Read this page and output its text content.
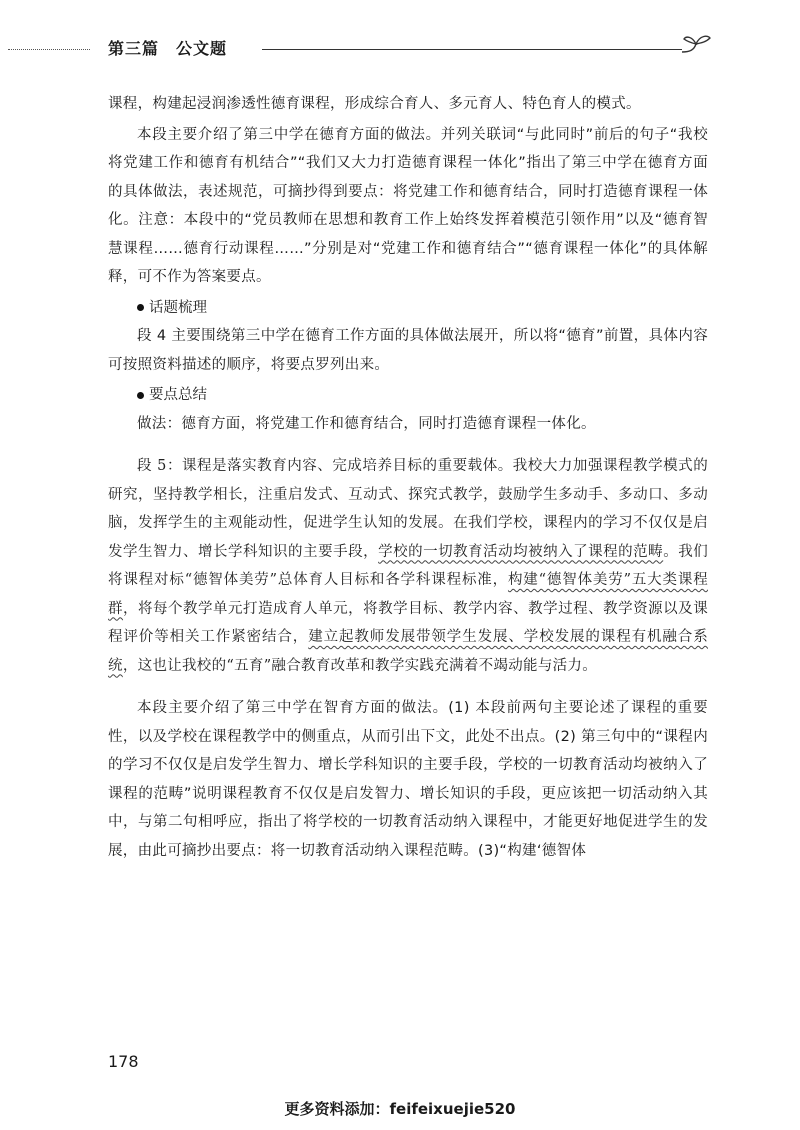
第三篇　公文题

课程，构建起浸润渗透性德育课程，形成综合育人、多元育人、特色育人的模式。

本段主要介绍了第三中学在德育方面的做法。并列关联词“与此同时”前后的句子“我校将党建工作和德育有机结合”“我们又大力打造德育课程一体化”指出了第三中学在德育方面的具体做法，表述规范，可摘抄得到要点：将党建工作和德育结合，同时打造德育课程一体化。注意：本段中的“党员教师在思想和教育工作上始终发挥着模范引领作用”以及“德育智慧课程……德育行动课程……”分别是对“党建工作和德育结合”“德育课程一体化”的具体解释，可不作为答案要点。

话题梳理

段 4 主要围绕第三中学在德育工作方面的具体做法展开，所以将“德育”前置，具体内容可按照资料描述的顺序，将要点罗列出来。

要点总结

做法：德育方面，将党建工作和德育结合，同时打造德育课程一体化。

段 5：课程是落实教育内容、完成培养目标的重要载体。我校大力加强课程教学模式的研究，坚持教学相长，注重启发式、互动式、探究式教学，鼓励学生多动手、多动口、多动脑，发挥学生的主观能动性，促进学生认知的发展。在我们学校，课程内的学习不仅仅是启发学生智力、增长学科知识的主要手段，学校的一切教育活动均被纳入了课程的范畴。我们将课程对标“德智体美劳”总体育人目标和各学科课程标准，构建“德智体美劳”五大类课程群，将每个教学单元打造成育人单元，将教学目标、教学内容、教学过程、教学资源以及课程评价等相关工作紧密结合，建立起教师发展带领学生发展、学校发展的课程有机融合系统，这也让我校的“五育”融合教育改革和教学实践充满着不竭动能与活力。

本段主要介绍了第三中学在智育方面的做法。(1) 本段前两句主要论述了课程的重要性，以及学校在课程教学中的侧重点，从而引出下文，此处不出点。(2) 第三句中的“课程内的学习不仅仅是启发学生智力、增长学科知识的主要手段，学校的一切教育活动均被纳入了课程的范畴”说明课程教育不仅仅是启发智力、增长知识的手段，更应该把一切活动纳入其中，与第二句相呼应，指出了将学校的一切教育活动纳入课程中，才能更好地促进学生的发展，由此可摘抄出要点：将一切教育活动纳入课程范畴。(3)“构建‘德智体

178
更多资料添加：feifeixuejie520
